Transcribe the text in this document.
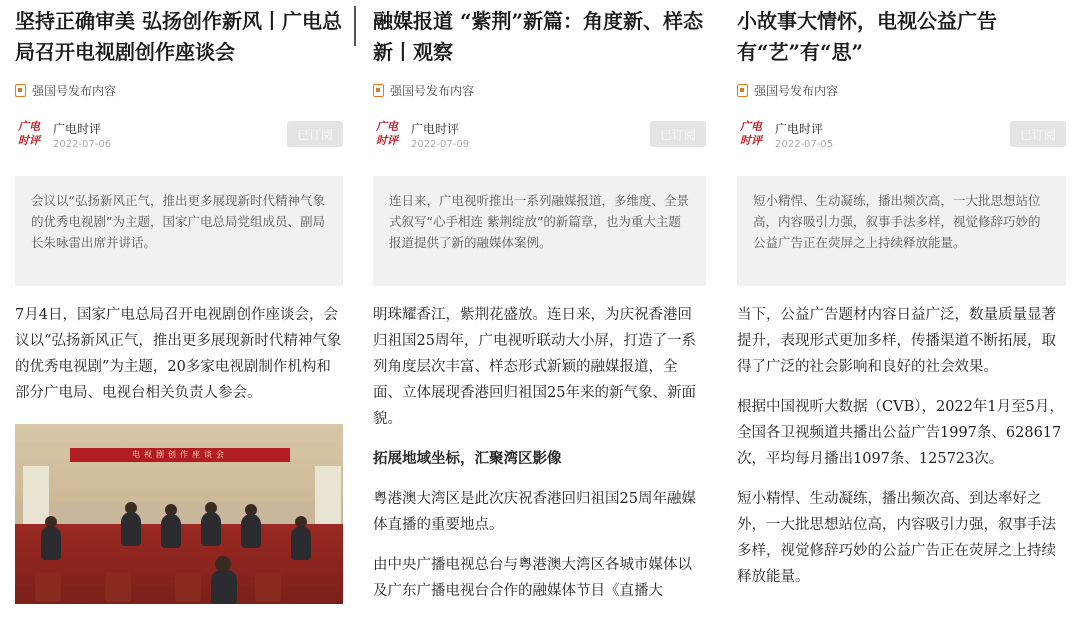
坚持正确审美 弘扬创作新风丨广电总局召开电视剧创作座谈会
强国号发布内容
广电时评
广电时评
2022-07-06
已订阅
会议以“弘扬新风正气，推出更多展现新时代精神气象的优秀电视剧”为主题，国家广电总局党组成员、副局长朱咏雷出席并讲话。

7月4日，国家广电总局召开电视剧创作座谈会，会议以“弘扬新风正气，推出更多展现新时代精神气象的优秀电视剧”为主题，20多家电视剧制作机构和部分广电局、电视台相关负责人参会。

电视剧创作座谈会
融媒报道 “紫荆”新篇：角度新、样态新丨观察
强国号发布内容
广电时评
广电时评
2022-07-09
已订阅
连日来，广电视听推出一系列融媒报道，多维度、全景式叙写“心手相连 紫荆绽放”的新篇章，也为重大主题报道提供了新的融媒体案例。

明珠耀香江，紫荆花盛放。连日来，为庆祝香港回归祖国25周年，广电视听联动大小屏，打造了一系列角度层次丰富、样态形式新颖的融媒报道，全面、立体展现香港回归祖国25年来的新气象、新面貌。

拓展地域坐标，汇聚湾区影像

粤港澳大湾区是此次庆祝香港回归祖国25周年融媒体直播的重要地点。

由中央广播电视总台与粤港澳大湾区各城市媒体以及广东广播电视台合作的融媒体节目《直播大

小故事大情怀，电视公益广告有“艺”有“思”
强国号发布内容
广电时评
广电时评
2022-07-05
已订阅
短小精悍、生动凝练，播出频次高，一大批思想站位高，内容吸引力强，叙事手法多样，视觉修辞巧妙的公益广告正在荧屏之上持续释放能量。

当下，公益广告题材内容日益广泛，数量质量显著提升，表现形式更加多样，传播渠道不断拓展，取得了广泛的社会影响和良好的社会效果。

根据中国视听大数据（CVB），2022年1月至5月，全国各卫视频道共播出公益广告1997条、628617次，平均每月播出1097条、125723次。

短小精悍、生动凝练，播出频次高、到达率好之外，一大批思想站位高，内容吸引力强，叙事手法多样，视觉修辞巧妙的公益广告正在荧屏之上持续释放能量。
